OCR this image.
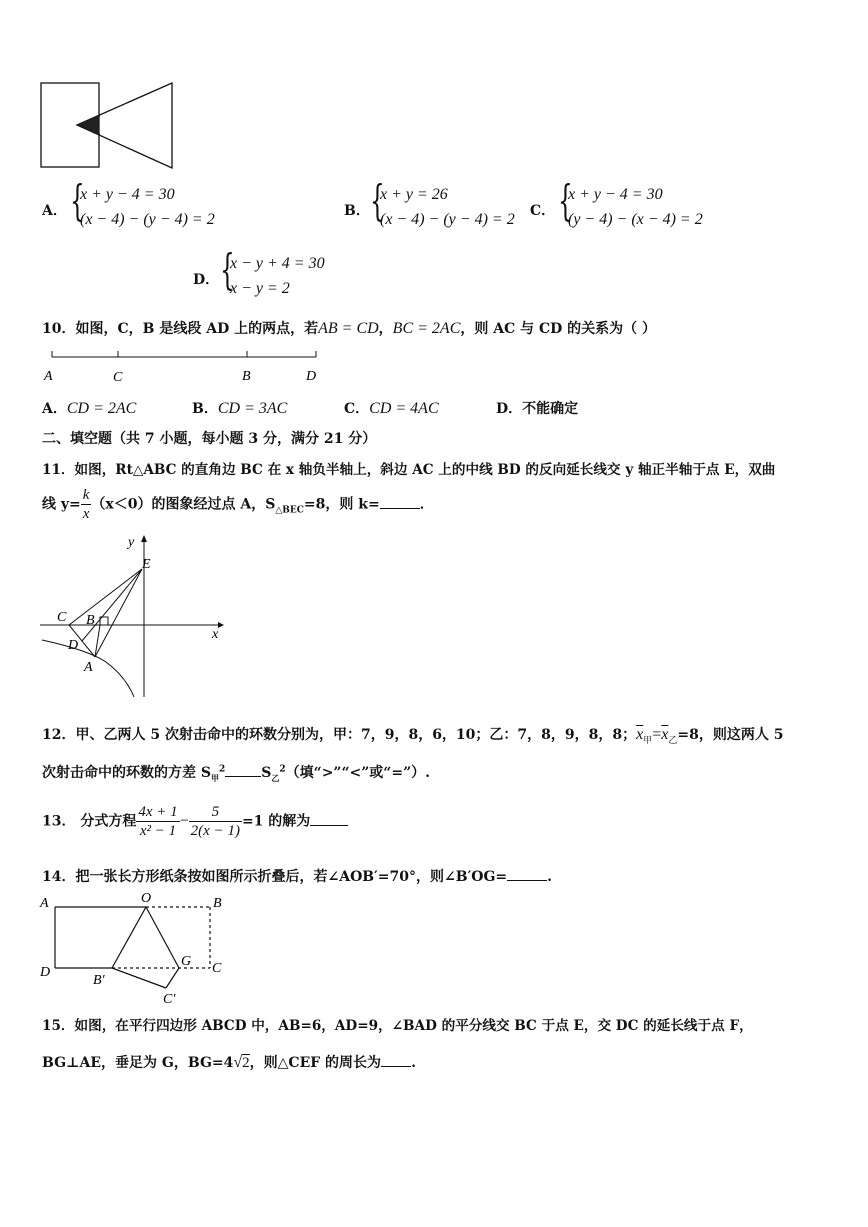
A． {
x + y − 4 = 30
(x − 4) − (y − 4) = 2	B． {
x + y = 26
(x − 4) − (y − 4) = 2 C． {
x + y − 4 = 30
(y − 4) − (x − 4) = 2
D． {
x − y + 4 = 30
x − y = 2
10．如图，C，B 是线段 AD 上的两点，若AB = CD，BC = 2AC，则 AC 与 CD 的关系为（ ）
A	C	B	D
A．CD = 2AC	B．CD = 3AC	C．CD = 4AC	D．不能确定
二、填空题（共 7 小题，每小题 3 分，满分 21 分）
11．如图，Rt△ABC 的直角边 BC 在 x 轴负半轴上，斜边 AC 上的中线 BD 的反向延长线交 y 轴正半轴于点 E，双曲
线 $y= \frac{k}{x} (x<0)$的图象经过点 A，$S_{\triangle BEC}=8$，则 k=	．
y
E
C B
D
A
x
12．甲、乙两人 5 次射击命中的环数分别为，甲：7，9，8，6，10；乙：7，8，9，8，8；$\overline{x}_甲=\overline{x}_乙=8$，则这两人 5
次射击命中的环数的方差 $S_甲^2$	$S_乙^2$（填“>”“<”或“=”）.
13． 分式方程 $\frac{4x + 1}{\text{x² − 1}} - \frac{5}{2(x - 1)} =1$ 的解为
14．把一张长方形纸条按如图所示折叠后，若∠AOB′=70°，则∠B′OG=	.
A	O	B
D
G C
B′
C′
15．如图，在平行四边形 ABCD 中，AB=6，AD=9，∠BAD 的平分线交 BC 于点 E，交 DC 的延长线于点 F，
BG⊥AE，垂足为 G，BG=4√2，则△CEF 的周长为 .
